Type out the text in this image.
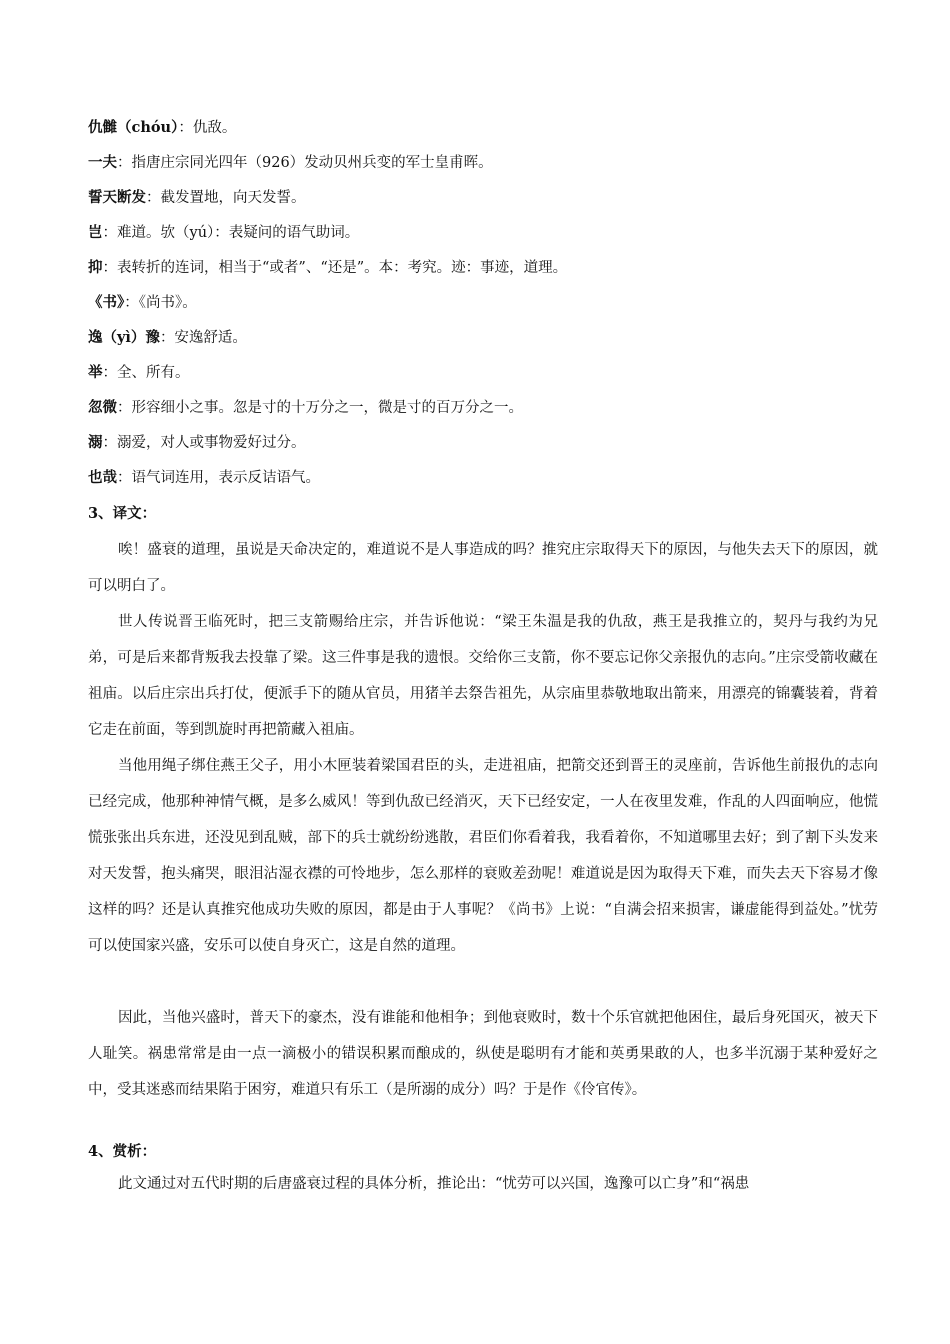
仇雠（chóu）：仇敌。
一夫：指唐庄宗同光四年（926）发动贝州兵变的军士皇甫晖。
誓天断发：截发置地，向天发誓。
岂：难道。欤（yú）：表疑问的语气助词。
抑：表转折的连词，相当于“或者”、“还是”。本：考究。迹：事迹，道理。
《书》：《尚书》。
逸（yì）豫：安逸舒适。
举：全、所有。
忽微：形容细小之事。忽是寸的十万分之一，微是寸的百万分之一。
溺：溺爱，对人或事物爱好过分。
也哉：语气词连用，表示反诘语气。
3、译文：

唉！盛衰的道理，虽说是天命决定的，难道说不是人事造成的吗？推究庄宗取得天下的原因，与他失去天下的原因，就可以明白了。

世人传说晋王临死时，把三支箭赐给庄宗，并告诉他说：“梁王朱温是我的仇敌，燕王是我推立的，契丹与我约为兄弟，可是后来都背叛我去投靠了梁。这三件事是我的遗恨。交给你三支箭，你不要忘记你父亲报仇的志向。”庄宗受箭收藏在祖庙。以后庄宗出兵打仗，便派手下的随从官员，用猪羊去祭告祖先，从宗庙里恭敬地取出箭来，用漂亮的锦囊装着，背着它走在前面，等到凯旋时再把箭藏入祖庙。

当他用绳子绑住燕王父子，用小木匣装着梁国君臣的头，走进祖庙，把箭交还到晋王的灵座前，告诉他生前报仇的志向已经完成，他那种神情气概，是多么威风！等到仇敌已经消灭，天下已经安定，一人在夜里发难，作乱的人四面响应，他慌慌张张出兵东进，还没见到乱贼，部下的兵士就纷纷逃散，君臣们你看着我，我看着你，不知道哪里去好；到了割下头发来对天发誓，抱头痛哭，眼泪沾湿衣襟的可怜地步，怎么那样的衰败差劲呢！难道说是因为取得天下难，而失去天下容易才像这样的吗？还是认真推究他成功失败的原因，都是由于人事呢？《尚书》上说：“自满会招来损害，谦虚能得到益处。”忧劳可以使国家兴盛，安乐可以使自身灭亡，这是自然的道理。

因此，当他兴盛时，普天下的豪杰，没有谁能和他相争；到他衰败时，数十个乐官就把他困住，最后身死国灭，被天下人耻笑。祸患常常是由一点一滴极小的错误积累而酿成的，纵使是聪明有才能和英勇果敢的人，也多半沉溺于某种爱好之中，受其迷惑而结果陷于困穷，难道只有乐工（是所溺的成分）吗？于是作《伶官传》。

4、赏析：

此文通过对五代时期的后唐盛衰过程的具体分析，推论出：“忧劳可以兴国，逸豫可以亡身”和“祸患
